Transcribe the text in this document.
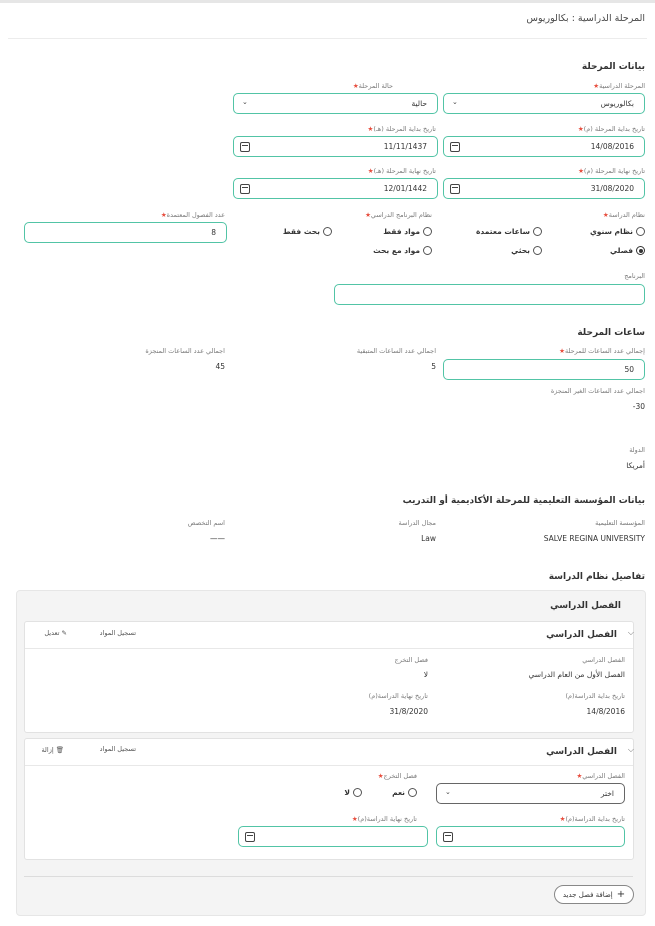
المرحلة الدراسية : بكالوريوس
بيانات المرحلة
المرحلة الدراسية★
بكالوريوس
⌄
حالة المرحلة★
حالية
⌄
تاريخ بداية المرحلة (م)★
14/08/2016
تاريخ بداية المرحلة (هـ)★
11/11/1437
تاريخ نهاية المرحلة (م)★
31/08/2020
تاريخ نهاية المرحلة (هـ)★
12/01/1442
نظام الدراسة★
نظام سنوي
ساعات معتمدة
فصلي
بحثي
نظام البرنامج الدراسي★
مواد فقط
بحث فقط
مواد مع بحث
عدد الفصول المعتمدة★
8
البرنامج
ساعات المرحلة
إجمالي عدد الساعات للمرحلة★
50
اجمالي عدد الساعات المتبقية
5
اجمالي عدد الساعات المنجزة
45
اجمالي عدد الساعات الغير المنجزة
30-
الدولة
أمريكا
بيانات المؤسسة التعليمية للمرحلة الأكاديمية أو التدريب
المؤسسة التعليمية
SALVE REGINA UNIVERSITY
مجال الدراسة
Law
اسم التخصص
——
تفاصيل نظام الدراسة
الفصل الدراسي
⌵
الفصل الدراسي
تسجيل المواد
✎ تعديل
الفصل الدراسي
الفصل الأول من العام الدراسي
فصل التخرج
لا
تاريخ بداية الدراسة(م)
14/8/2016
تاريخ نهاية الدراسة(م)
31/8/2020
⌵
الفصل الدراسي
تسجيل المواد
🗑 إزالة
الفصل الدراسي★
اختر
⌄
فصل التخرج★
نعم
لا
تاريخ بداية الدراسة(م)★
تاريخ نهاية الدراسة(م)★
+
إضافة فصل جديد
